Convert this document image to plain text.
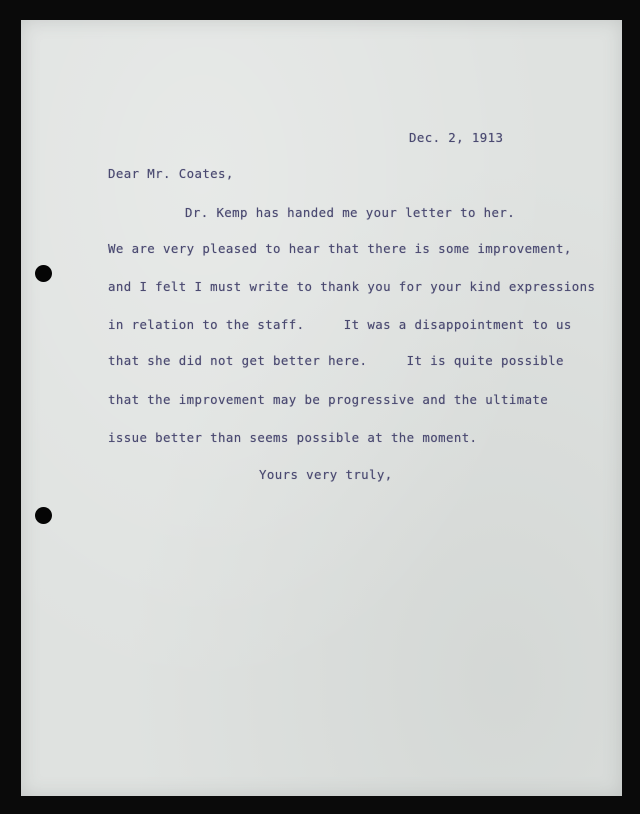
Dec. 2, 1913

Dear Mr. Coates,

Dr. Kemp has handed me your letter to her.

We are very pleased to hear that there is some improvement,

and I felt I must write to thank you for your kind expressions

in relation to the staff.     It was a disappointment to us

that she did not get better here.     It is quite possible

that the improvement may be progressive and the ultimate

issue better than seems possible at the moment.

Yours very truly,
